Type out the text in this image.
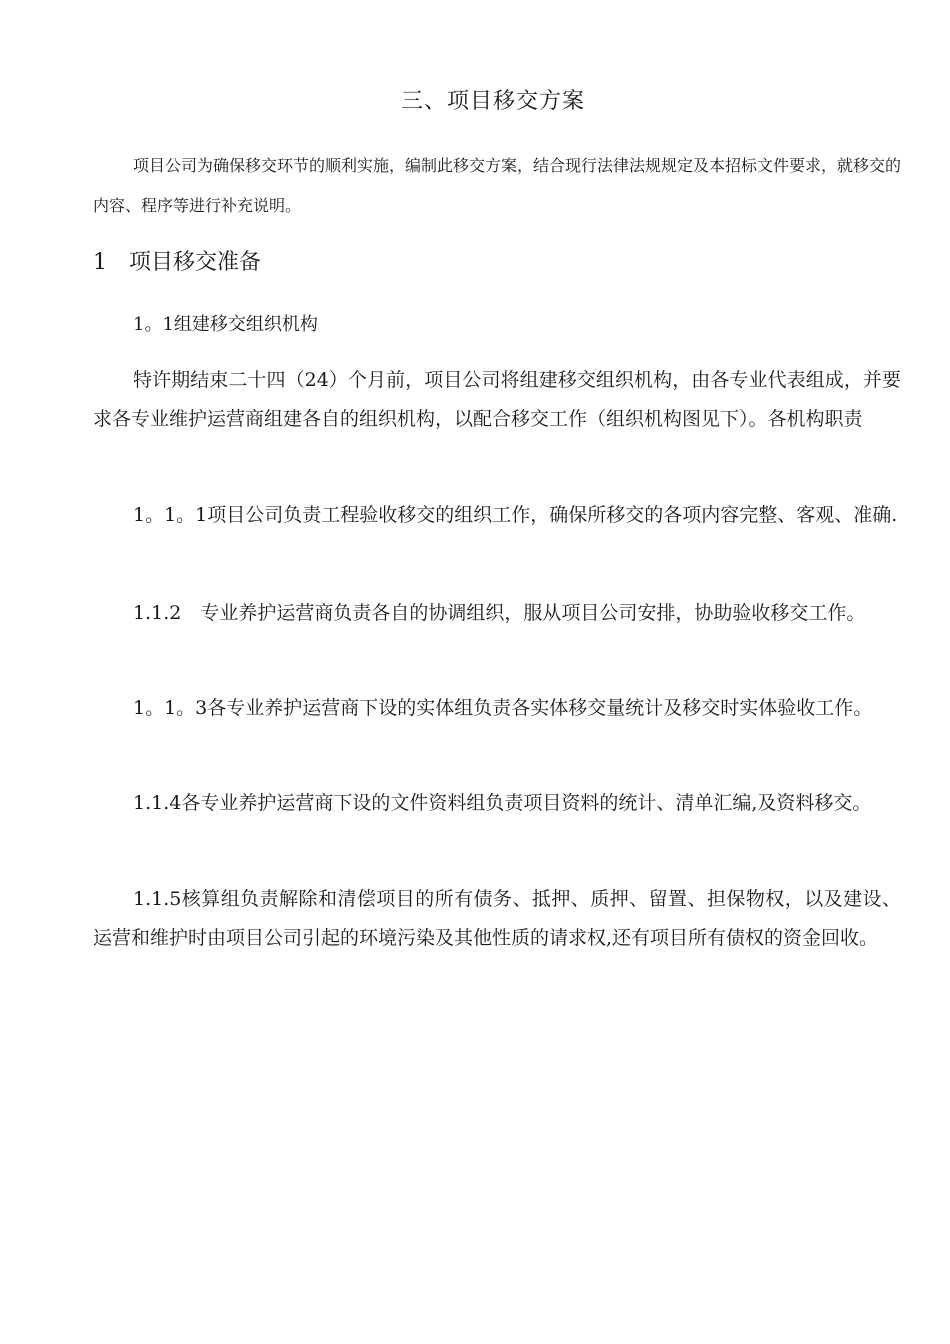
三、项目移交方案

项目公司为确保移交环节的顺利实施，编制此移交方案，结合现行法律法规规定及本招标文件要求，就移交的内容、程序等进行补充说明。

1 项目移交准备
1。1组建移交组织机构

特许期结束二十四（24）个月前，项目公司将组建移交组织机构，由各专业代表组成，并要求各专业维护运营商组建各自的组织机构，以配合移交工作（组织机构图见下）。各机构职责

1。1。1项目公司负责工程验收移交的组织工作，确保所移交的各项内容完整、客观、准确.

1.1.2　专业养护运营商负责各自的协调组织，服从项目公司安排，协助验收移交工作。

1。1。3各专业养护运营商下设的实体组负责各实体移交量统计及移交时实体验收工作。

1.1.4各专业养护运营商下设的文件资料组负责项目资料的统计、清单汇编,及资料移交。

1.1.5核算组负责解除和清偿项目的所有债务、抵押、质押、留置、担保物权，以及建设、运营和维护时由项目公司引起的环境污染及其他性质的请求权,还有项目所有债权的资金回收。
